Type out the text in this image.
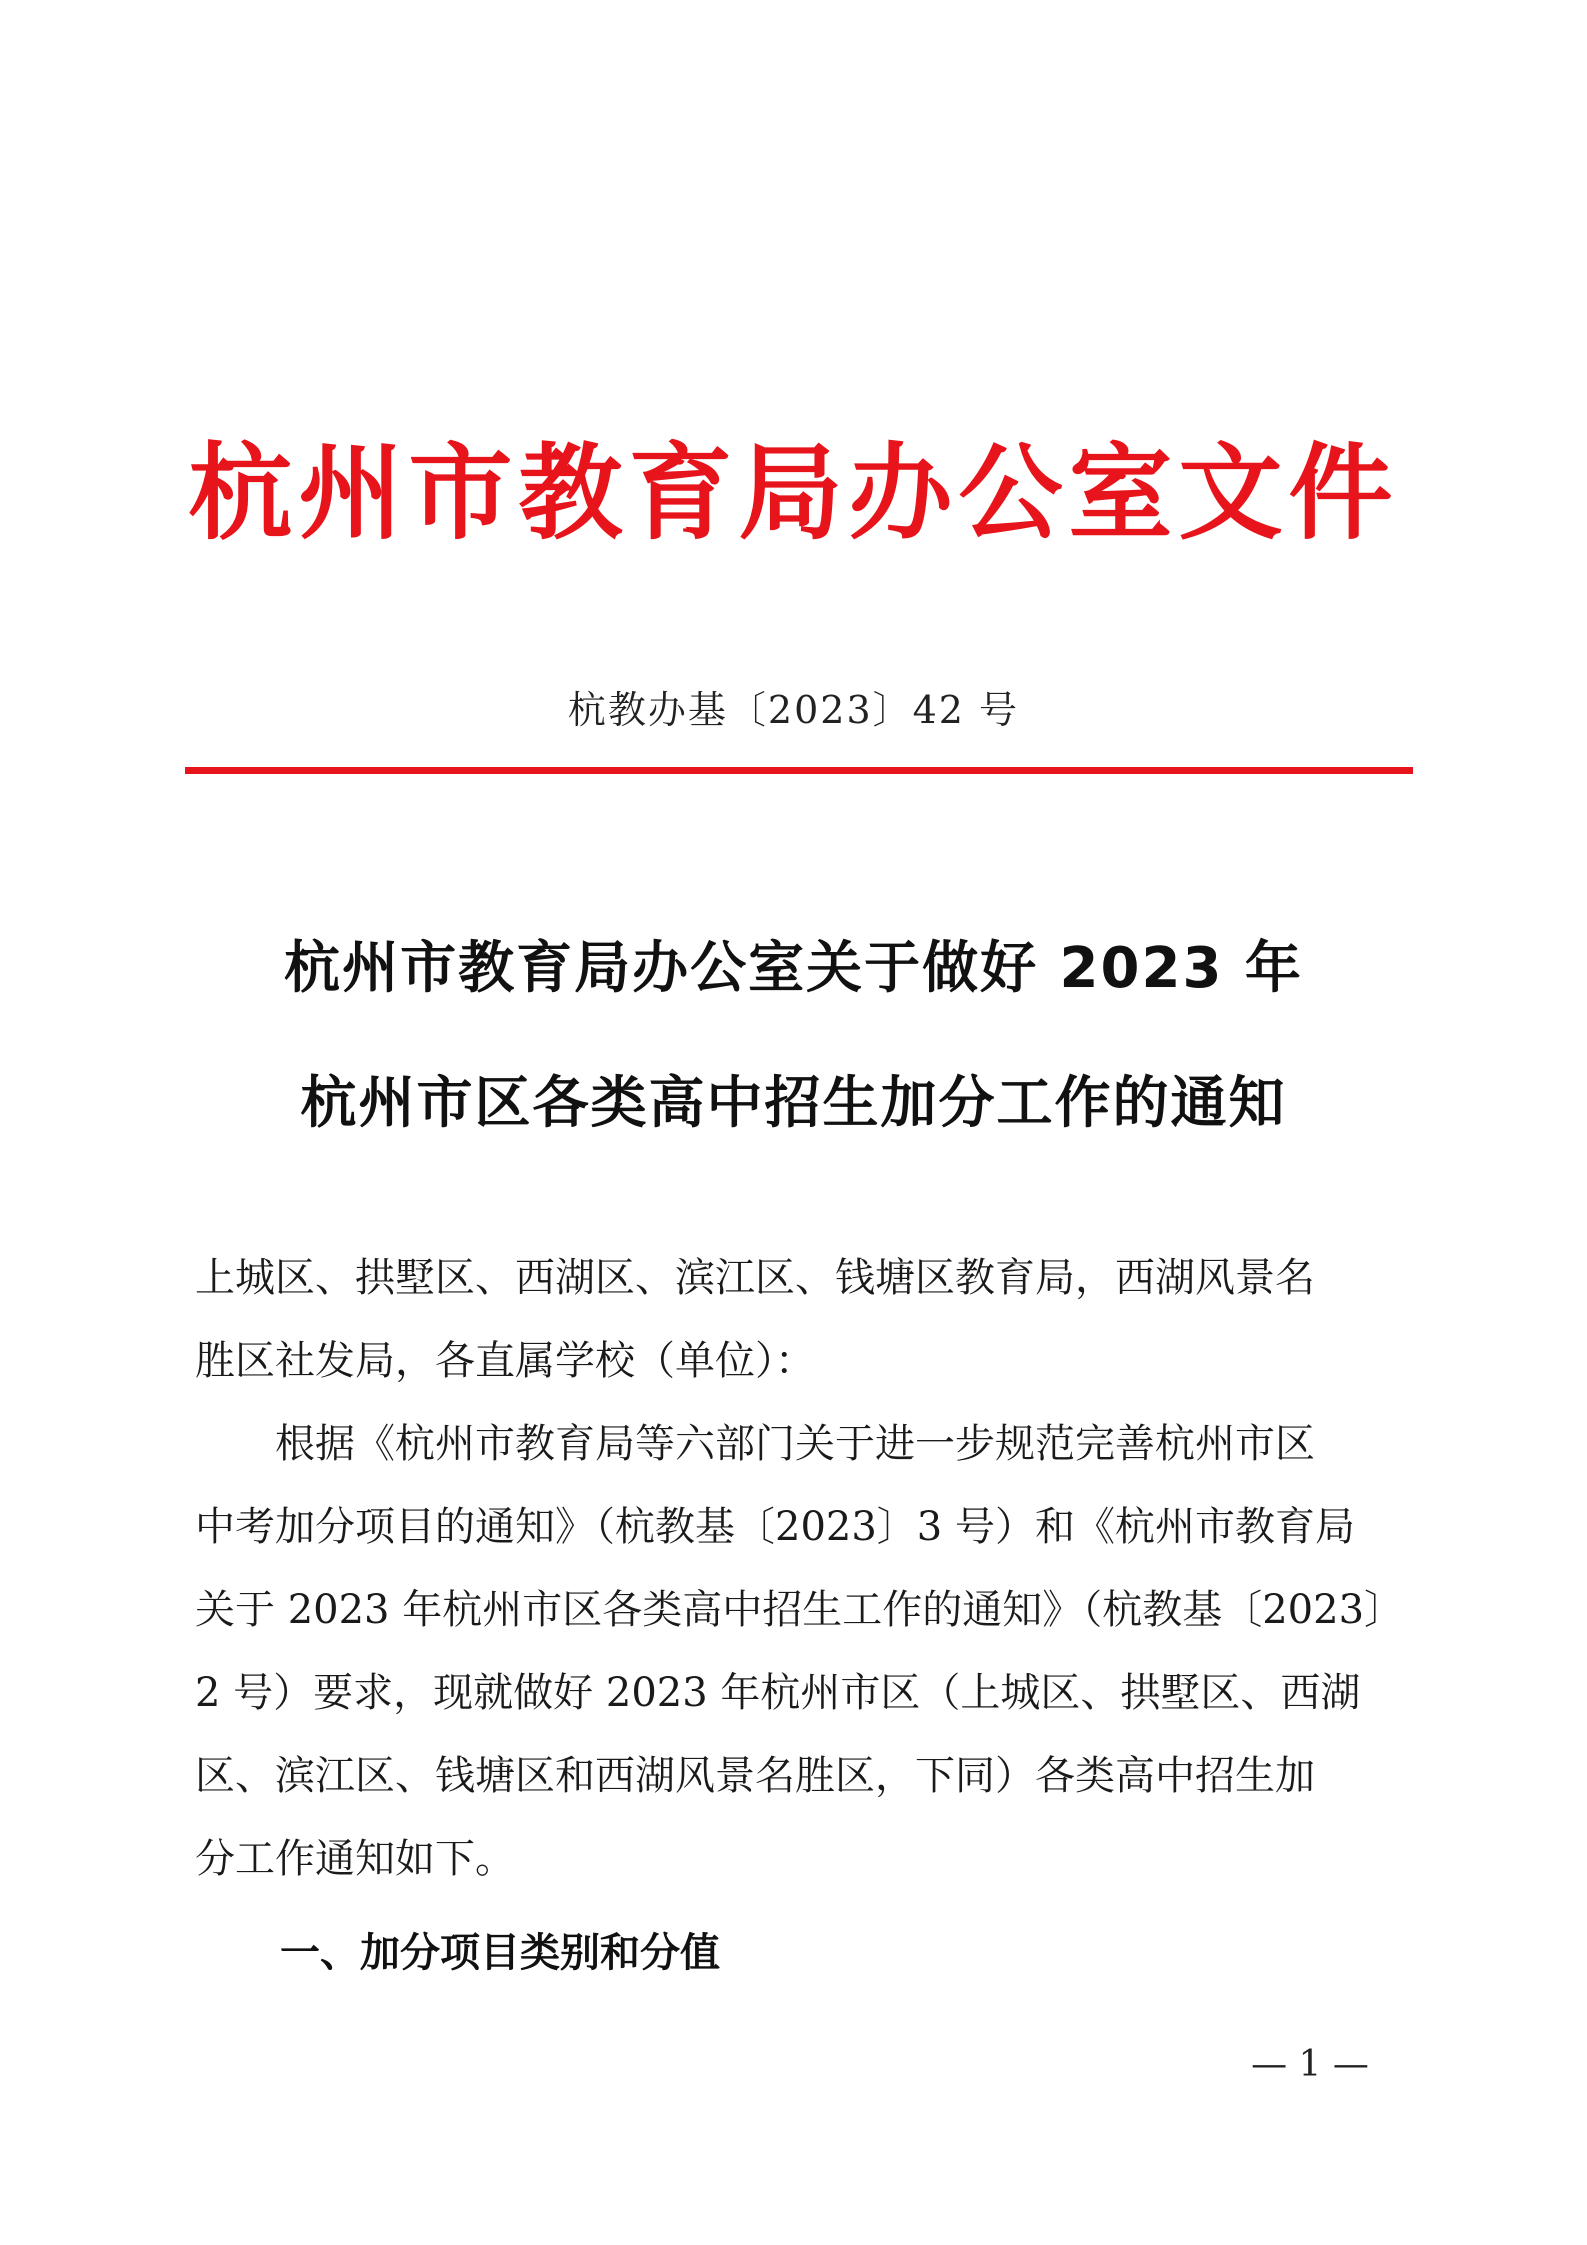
杭州市教育局办公室文件
杭教办基〔2023〕42 号
杭州市教育局办公室关于做好 2023 年
杭州市区各类高中招生加分工作的通知
上城区、拱墅区、西湖区、滨江区、钱塘区教育局，西湖风景名
胜区社发局，各直属学校（单位）：
　　根据《杭州市教育局等六部门关于进一步规范完善杭州市区
中考加分项目的通知》（杭教基〔2023〕3 号）和《杭州市教育局
关于 2023 年杭州市区各类高中招生工作的通知》（杭教基〔2023〕
2 号）要求，现就做好 2023 年杭州市区（上城区、拱墅区、西湖
区、滨江区、钱塘区和西湖风景名胜区，下同）各类高中招生加
分工作通知如下。
一、加分项目类别和分值
— 1 —
